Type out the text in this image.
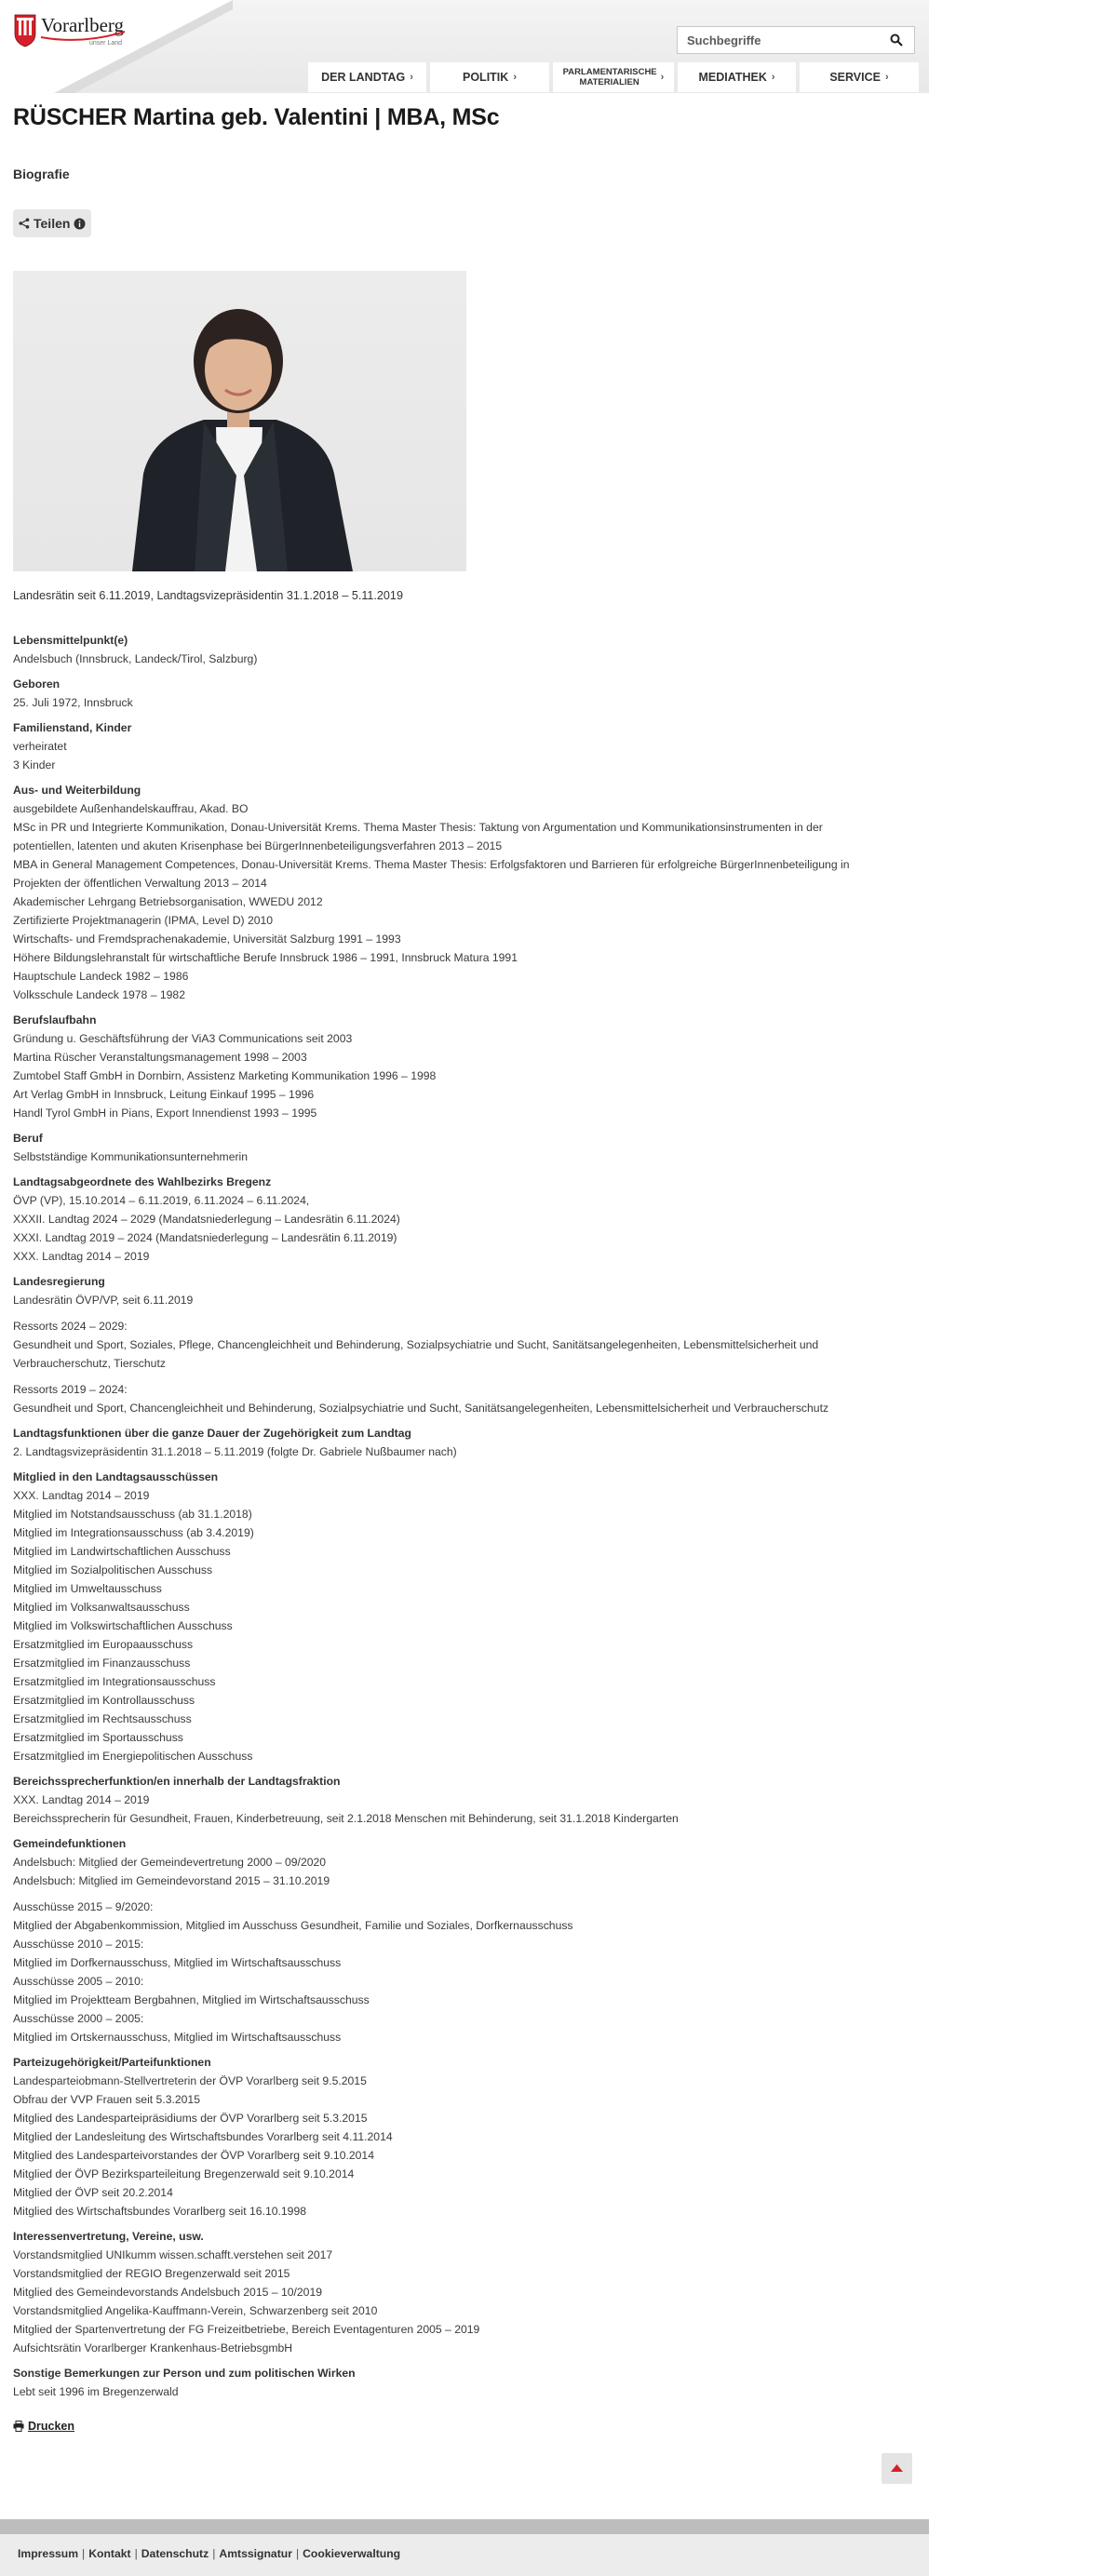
Vorarlberg
unser Land
Suchbegriffe
DER LANDTAG ›	POLITIK ›	PARLAMENTARISCHE MATERIALIEN	›	MEDIATHEK ›	SERVICE ›
RÜSCHER Martina geb. Valentini | MBA, MSc
Biografie
Teilen
Landesrätin seit 6.11.2019, Landtagsvizepräsidentin 31.1.2018 – 5.11.2019
Lebensmittelpunkt(e)
Andelsbuch (Innsbruck, Landeck/Tirol, Salzburg)
Geboren
25. Juli 1972, Innsbruck
Familienstand, Kinder
verheiratet
3 Kinder
Aus- und Weiterbildung
ausgebildete Außenhandelskauffrau, Akad. BO
MSc in PR und Integrierte Kommunikation, Donau-Universität Krems. Thema Master Thesis: Taktung von Argumentation und Kommunikationsinstrumenten in der
potentiellen, latenten und akuten Krisenphase bei BürgerInnenbeteiligungsverfahren 2013 – 2015
MBA in General Management Competences, Donau-Universität Krems. Thema Master Thesis: Erfolgsfaktoren und Barrieren für erfolgreiche BürgerInnenbeteiligung in
Projekten der öffentlichen Verwaltung 2013 – 2014
Akademischer Lehrgang Betriebsorganisation, WWEDU 2012
Zertifizierte Projektmanagerin (IPMA, Level D) 2010
Wirtschafts- und Fremdsprachenakademie, Universität Salzburg 1991 – 1993
Höhere Bildungslehranstalt für wirtschaftliche Berufe Innsbruck 1986 – 1991, Innsbruck Matura 1991
Hauptschule Landeck 1982 – 1986
Volksschule Landeck 1978 – 1982
Berufslaufbahn
Gründung u. Geschäftsführung der ViA3 Communications seit 2003
Martina Rüscher Veranstaltungsmanagement 1998 – 2003
Zumtobel Staff GmbH in Dornbirn, Assistenz Marketing Kommunikation 1996 – 1998
Art Verlag GmbH in Innsbruck, Leitung Einkauf 1995 – 1996
Handl Tyrol GmbH in Pians, Export Innendienst 1993 – 1995
Beruf
Selbstständige Kommunikationsunternehmerin
Landtagsabgeordnete des Wahlbezirks Bregenz
ÖVP (VP), 15.10.2014 – 6.11.2019, 6.11.2024 – 6.11.2024,
XXXII. Landtag 2024 – 2029 (Mandatsniederlegung – Landesrätin 6.11.2024)
XXXI. Landtag 2019 – 2024 (Mandatsniederlegung – Landesrätin 6.11.2019)
XXX. Landtag 2014 – 2019
Landesregierung
Landesrätin ÖVP/VP, seit 6.11.2019
Ressorts 2024 – 2029:
Gesundheit und Sport, Soziales, Pflege, Chancengleichheit und Behinderung, Sozialpsychiatrie und Sucht, Sanitätsangelegenheiten, Lebensmittelsicherheit und
Verbraucherschutz, Tierschutz
Ressorts 2019 – 2024:
Gesundheit und Sport, Chancengleichheit und Behinderung, Sozialpsychiatrie und Sucht, Sanitätsangelegenheiten, Lebensmittelsicherheit und Verbraucherschutz
Landtagsfunktionen über die ganze Dauer der Zugehörigkeit zum Landtag
2. Landtagsvizepräsidentin 31.1.2018 – 5.11.2019 (folgte Dr. Gabriele Nußbaumer nach)
Mitglied in den Landtagsausschüssen
XXX. Landtag 2014 – 2019
Mitglied im Notstandsausschuss (ab 31.1.2018)
Mitglied im Integrationsausschuss (ab 3.4.2019)
Mitglied im Landwirtschaftlichen Ausschuss
Mitglied im Sozialpolitischen Ausschuss
Mitglied im Umweltausschuss
Mitglied im Volksanwaltsausschuss
Mitglied im Volkswirtschaftlichen Ausschuss
Ersatzmitglied im Europaausschuss
Ersatzmitglied im Finanzausschuss
Ersatzmitglied im Integrationsausschuss
Ersatzmitglied im Kontrollausschuss
Ersatzmitglied im Rechtsausschuss
Ersatzmitglied im Sportausschuss
Ersatzmitglied im Energiepolitischen Ausschuss
Bereichssprecherfunktion/en innerhalb der Landtagsfraktion
XXX. Landtag 2014 – 2019
Bereichssprecherin für Gesundheit, Frauen, Kinderbetreuung, seit 2.1.2018 Menschen mit Behinderung, seit 31.1.2018 Kindergarten
Gemeindefunktionen
Andelsbuch: Mitglied der Gemeindevertretung 2000 – 09/2020
Andelsbuch: Mitglied im Gemeindevorstand 2015 – 31.10.2019
Ausschüsse 2015 – 9/2020:
Mitglied der Abgabenkommission, Mitglied im Ausschuss Gesundheit, Familie und Soziales, Dorfkernausschuss
Ausschüsse 2010 – 2015:
Mitglied im Dorfkernausschuss, Mitglied im Wirtschaftsausschuss
Ausschüsse 2005 – 2010:
Mitglied im Projektteam Bergbahnen, Mitglied im Wirtschaftsausschuss
Ausschüsse 2000 – 2005:
Mitglied im Ortskernausschuss, Mitglied im Wirtschaftsausschuss
Parteizugehörigkeit/Parteifunktionen
Landesparteiobmann-Stellvertreterin der ÖVP Vorarlberg seit 9.5.2015
Obfrau der VVP Frauen seit 5.3.2015
Mitglied des Landesparteipräsidiums der ÖVP Vorarlberg seit 5.3.2015
Mitglied der Landesleitung des Wirtschaftsbundes Vorarlberg seit 4.11.2014
Mitglied des Landesparteivorstandes der ÖVP Vorarlberg seit 9.10.2014
Mitglied der ÖVP Bezirksparteileitung Bregenzerwald seit 9.10.2014
Mitglied der ÖVP seit 20.2.2014
Mitglied des Wirtschaftsbundes Vorarlberg seit 16.10.1998
Interessenvertretung, Vereine, usw.
Vorstandsmitglied UNIkumm wissen.schafft.verstehen seit 2017
Vorstandsmitglied der REGIO Bregenzerwald seit 2015
Mitglied des Gemeindevorstands Andelsbuch 2015 – 10/2019
Vorstandsmitglied Angelika-Kauffmann-Verein, Schwarzenberg seit 2010
Mitglied der Spartenvertretung der FG Freizeitbetriebe, Bereich Eventagenturen 2005 – 2019
Aufsichtsrätin Vorarlberger Krankenhaus-BetriebsgmbH
Sonstige Bemerkungen zur Person und zum politischen Wirken
Lebt seit 1996 im Bregenzerwald
Drucken
Impressum | Kontakt | Datenschutz | Amtssignatur | Cookieverwaltung
